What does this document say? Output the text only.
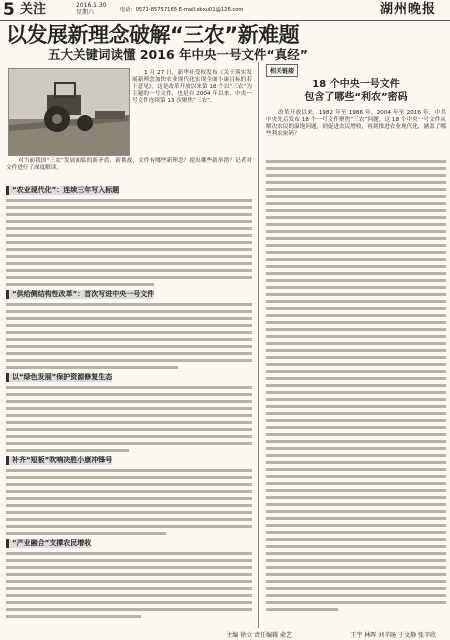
5 关注	2016.1.30
星期六	电话：0571-85757165 E-mail:sbxu01@126.com	湖州晚报
以发展新理念破解“三农”新难题
五大关键词读懂 2016 年中央一号文件“真经”
1 月 27 日，新华社受权发布《关于落实发展新理念加快农业现代化实现全面小康目标的若干意见》。这是改革开放以来第 18 个以“三农”为主题的一号文件，也是自 2004 年以来，中央一号文件连续第 13 次聚焦“三农”。
对当前我国“三农”发展面临的新矛盾、新挑战，文件有哪些新理念？提出哪些新举措？记者对文件进行了深度解读。
“农业现代化”：连续三年写入标题
“供给侧结构性改革”：首次写进中央一号文件
以“绿色发展”保护资源修复生态
补齐“短板”吹响决胜小康冲锋号
“产业融合”支撑农民增收
相关链接
18 个中央一号文件
包含了哪些“利农”密码
改革开放以来，1982 年至 1986 年、2004 年至 2016 年，中共中央先后发布 18 个一号文件聚焦“三农”问题。这 18 个中央一号文件从解决农民的温饱问题，到促进农民增收，再到推进农业现代化，涵盖了哪些利农密码？
主编 徐立 责任编辑 俞艺	王宇 林晖 刘羊旸 于文静 张辛欣
